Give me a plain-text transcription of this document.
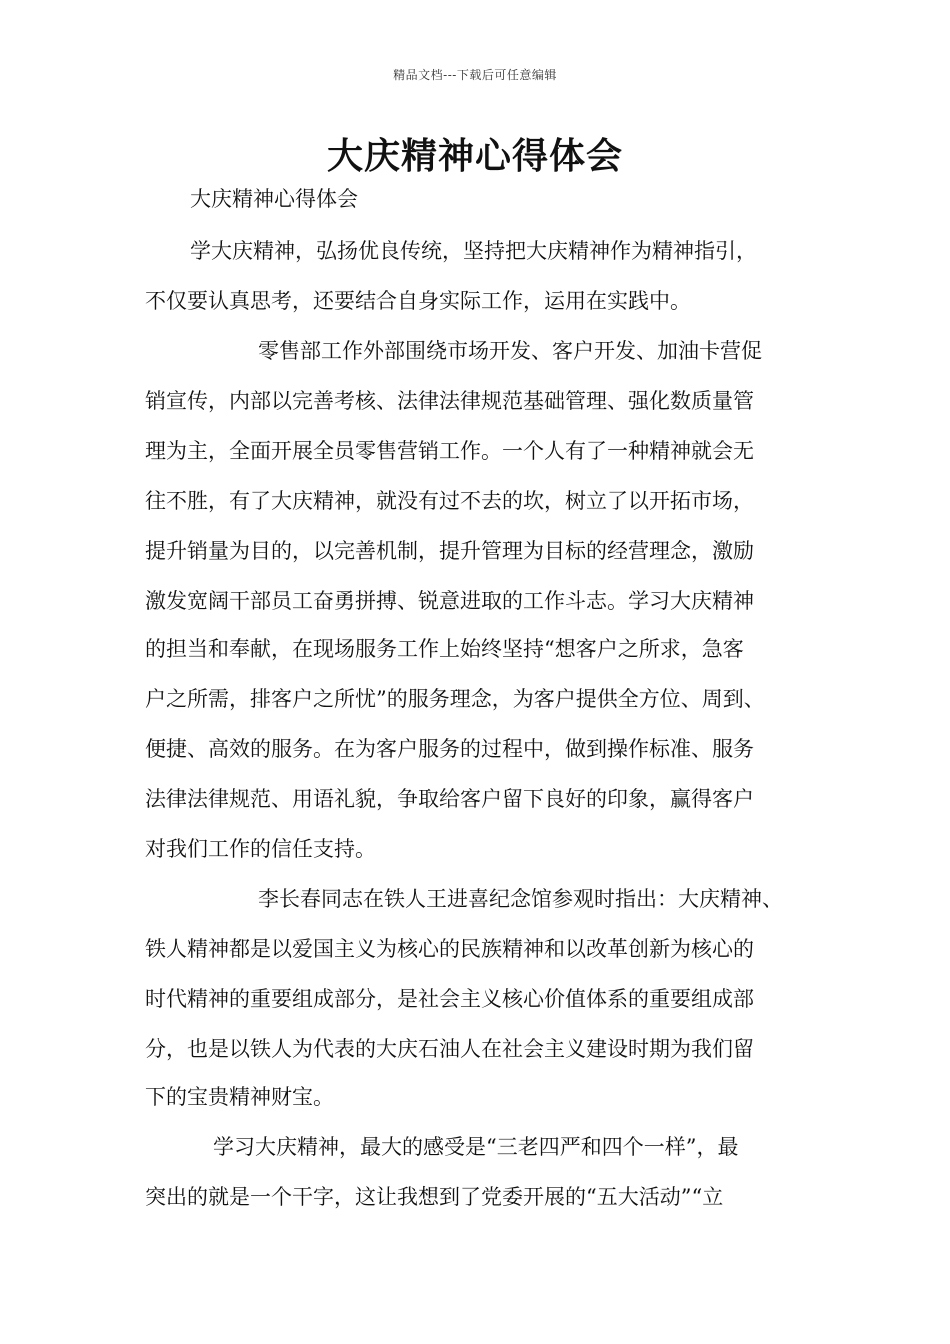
精品文档---下载后可任意编辑
大庆精神心得体会
大庆精神心得体会
学大庆精神，弘扬优良传统，坚持把大庆精神作为精神指引，
不仅要认真思考，还要结合自身实际工作，运用在实践中。
零售部工作外部围绕市场开发、客户开发、加油卡营促
销宣传，内部以完善考核、法律法律规范基础管理、强化数质量管
理为主，全面开展全员零售营销工作。一个人有了一种精神就会无
往不胜，有了大庆精神，就没有过不去的坎，树立了以开拓市场，
提升销量为目的，以完善机制，提升管理为目标的经营理念，激励
激发宽阔干部员工奋勇拼搏、锐意进取的工作斗志。学习大庆精神
的担当和奉献，在现场服务工作上始终坚持“想客户之所求，急客
户之所需，排客户之所忧”的服务理念，为客户提供全方位、周到、
便捷、高效的服务。在为客户服务的过程中，做到操作标准、服务
法律法律规范、用语礼貌，争取给客户留下良好的印象，赢得客户
对我们工作的信任支持。
李长春同志在铁人王进喜纪念馆参观时指出：大庆精神、
铁人精神都是以爱国主义为核心的民族精神和以改革创新为核心的
时代精神的重要组成部分，是社会主义核心价值体系的重要组成部
分，也是以铁人为代表的大庆石油人在社会主义建设时期为我们留
下的宝贵精神财宝。
学习大庆精神，最大的感受是“三老四严和四个一样”，最
突出的就是一个干字，这让我想到了党委开展的“五大活动”“立
